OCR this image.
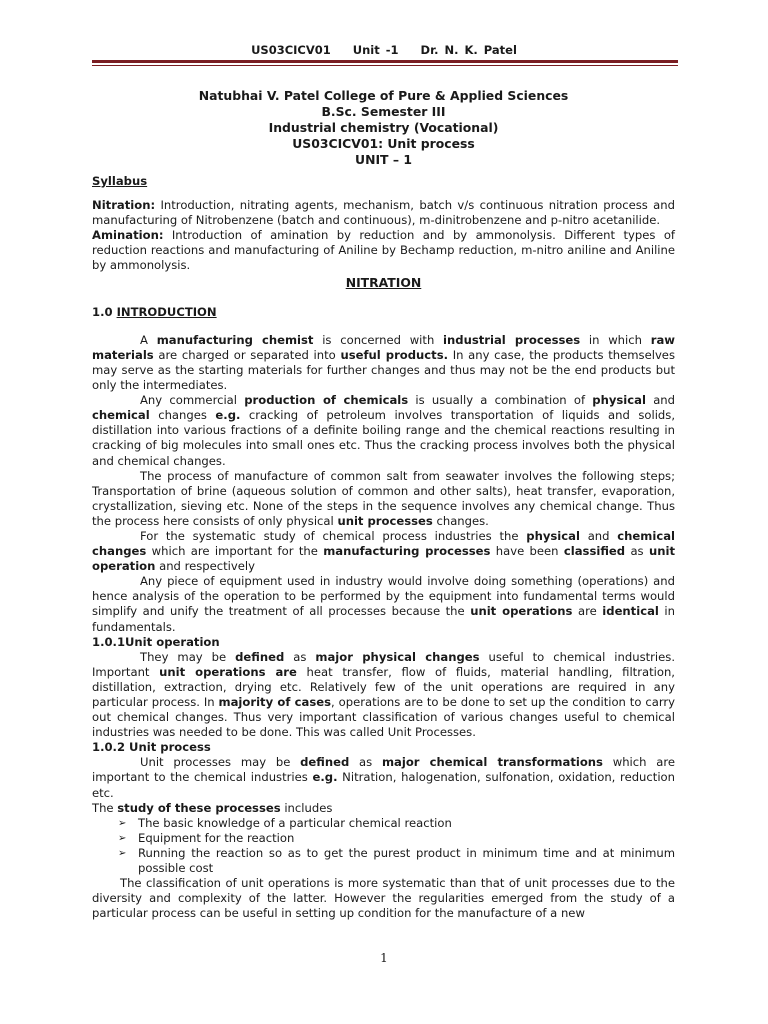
US03CICV01 Unit -1 Dr. N. K. Patel
Natubhai V. Patel College of Pure & Applied Sciences
B.Sc. Semester III
Industrial chemistry (Vocational)
US03CICV01: Unit process
UNIT – 1
Syllabus

Nitration: Introduction, nitrating agents, mechanism, batch v/s continuous nitration process and manufacturing of Nitrobenzene (batch and continuous), m-dinitrobenzene and p-nitro acetanilide.

Amination: Introduction of amination by reduction and by ammonolysis. Different types of reduction reactions and manufacturing of Aniline by Bechamp reduction, m-nitro aniline and Aniline by ammonolysis.

NITRATION
1.0 INTRODUCTION

A manufacturing chemist is concerned with industrial processes in which raw materials are charged or separated into useful products. In any case, the products themselves may serve as the starting materials for further changes and thus may not be the end products but only the intermediates.

Any commercial production of chemicals is usually a combination of physical and chemical changes e.g. cracking of petroleum involves transportation of liquids and solids, distillation into various fractions of a definite boiling range and the chemical reactions resulting in cracking of big molecules into small ones etc. Thus the cracking process involves both the physical and chemical changes.

The process of manufacture of common salt from seawater involves the following steps; Transportation of brine (aqueous solution of common and other salts), heat transfer, evaporation, crystallization, sieving etc. None of the steps in the sequence involves any chemical change. Thus the process here consists of only physical unit processes changes.

For the systematic study of chemical process industries the physical and chemical changes which are important for the manufacturing processes have been classified as unit operation and respectively

Any piece of equipment used in industry would involve doing something (operations) and hence analysis of the operation to be performed by the equipment into fundamental terms would simplify and unify the treatment of all processes because the unit operations are identical in fundamentals.

1.0.1Unit operation

They may be defined as major physical changes useful to chemical industries. Important unit operations are heat transfer, flow of fluids, material handling, filtration, distillation, extraction, drying etc. Relatively few of the unit operations are required in any particular process. In majority of cases, operations are to be done to set up the condition to carry out chemical changes. Thus very important classification of various changes useful to chemical industries was needed to be done. This was called Unit Processes.

1.0.2 Unit process

Unit processes may be defined as major chemical transformations which are important to the chemical industries e.g. Nitration, halogenation, sulfonation, oxidation, reduction etc.

The study of these processes includes

➢ The basic knowledge of a particular chemical reaction
➢ Equipment for the reaction
➢ Running the reaction so as to get the purest product in minimum time and at minimum possible cost

The classification of unit operations is more systematic than that of unit processes due to the diversity and complexity of the latter. However the regularities emerged from the study of a particular process can be useful in setting up condition for the manufacture of a new

1
